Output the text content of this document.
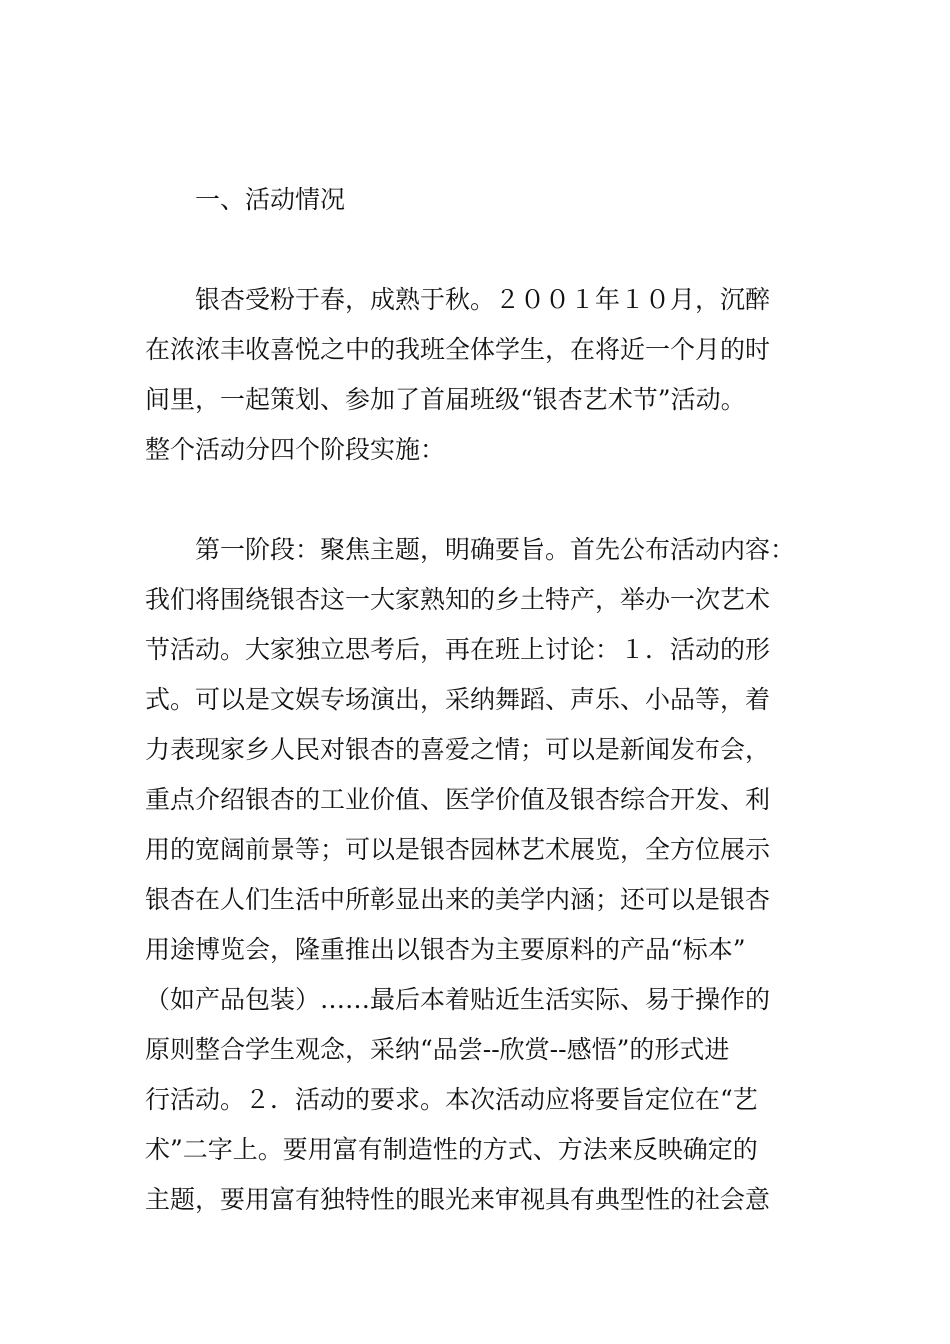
　　一、活动情况
　　银杏受粉于春，成熟于秋。２００１年１０月，沉醉
在浓浓丰收喜悦之中的我班全体学生，在将近一个月的时
间里，一起策划、参加了首届班级“银杏艺术节”活动。
整个活动分四个阶段实施：
　　第一阶段：聚焦主题，明确要旨。首先公布活动内容：
我们将围绕银杏这一大家熟知的乡土特产，举办一次艺术
节活动。大家独立思考后，再在班上讨论：１．活动的形
式。可以是文娱专场演出，采纳舞蹈、声乐、小品等，着
力表现家乡人民对银杏的喜爱之情；可以是新闻发布会，
重点介绍银杏的工业价值、医学价值及银杏综合开发、利
用的宽阔前景等；可以是银杏园林艺术展览，全方位展示
银杏在人们生活中所彰显出来的美学内涵；还可以是银杏
用途博览会，隆重推出以银杏为主要原料的产品“标本”
（如产品包装）……最后本着贴近生活实际、易于操作的
原则整合学生观念，采纳“品尝--欣赏--感悟”的形式进
行活动。２．活动的要求。本次活动应将要旨定位在“艺
术”二字上。要用富有制造性的方式、方法来反映确定的
主题，要用富有独特性的眼光来审视具有典型性的社会意
